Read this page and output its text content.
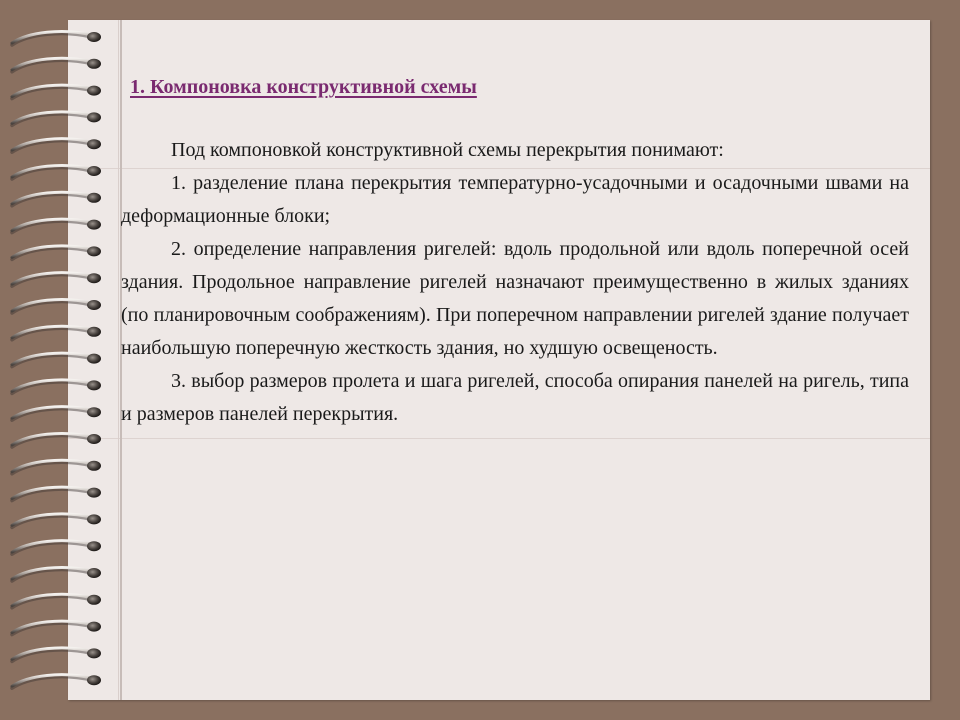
1. Компоновка конструктивной схемы

Под компоновкой конструктивной схемы перекрытия понимают:

1. разделение плана перекрытия температурно-усадочными и осадочными швами на деформационные блоки;

2. определение направления ригелей: вдоль продольной или вдоль поперечной осей здания. Продольное направление ригелей назначают преимущественно в жилых зданиях (по планировочным соображениям). При поперечном направлении ригелей здание получает наибольшую поперечную жесткость здания, но худшую освещеность.

3. выбор размеров пролета и шага ригелей, способа опирания панелей на ригель, типа и размеров панелей перекрытия.
